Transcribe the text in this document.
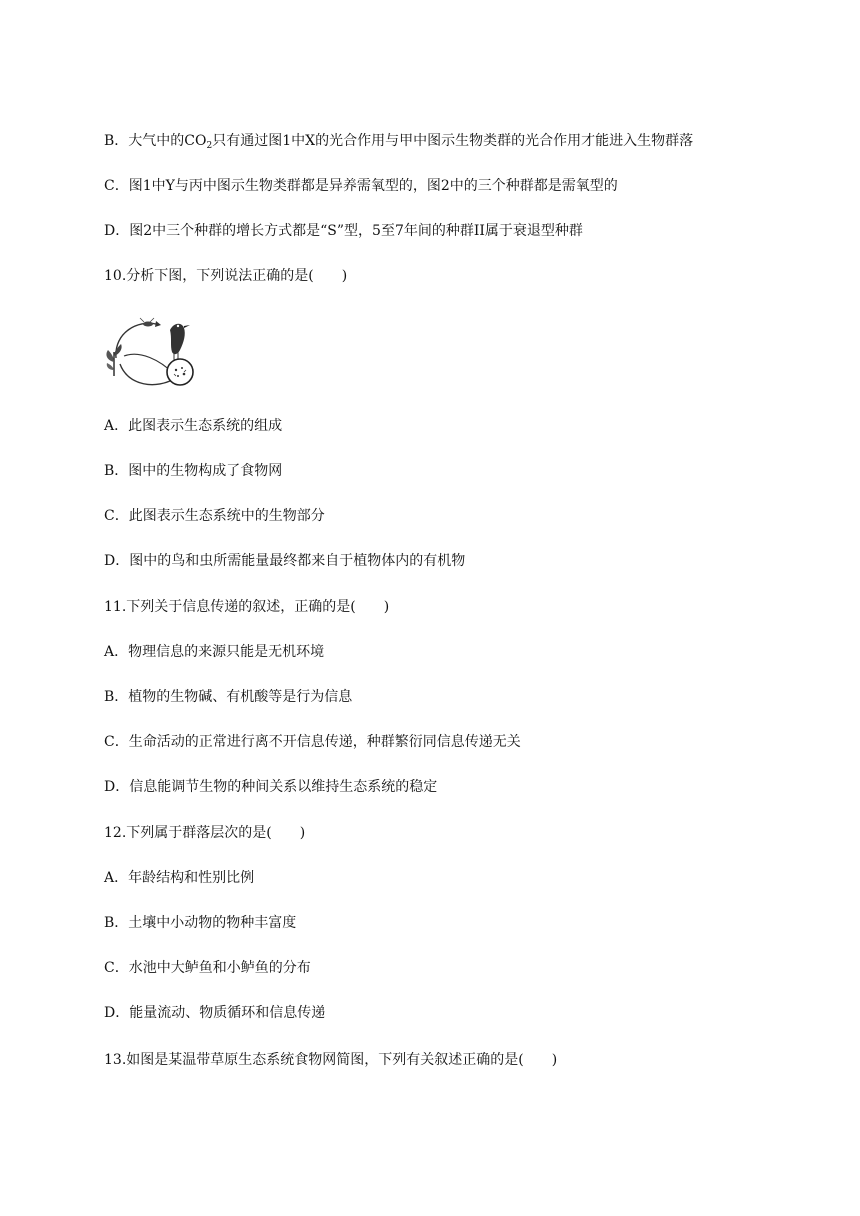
B．大气中的$CO_2$只有通过图1中X的光合作用与甲中图示生物类群的光合作用才能进入生物群落
C．图1中Y与丙中图示生物类群都是异养需氧型的，图2中的三个种群都是需氧型的
D．图2中三个种群的增长方式都是“S”型，5至7年间的种群II属于衰退型种群
10.分析下图，下列说法正确的是(　　)
A．此图表示生态系统的组成
B．图中的生物构成了食物网
C．此图表示生态系统中的生物部分
D．图中的鸟和虫所需能量最终都来自于植物体内的有机物
11.下列关于信息传递的叙述，正确的是(　　)
A．物理信息的来源只能是无机环境
B．植物的生物碱、有机酸等是行为信息
C．生命活动的正常进行离不开信息传递，种群繁衍同信息传递无关
D．信息能调节生物的种间关系以维持生态系统的稳定
12.下列属于群落层次的是(　　)
A．年龄结构和性别比例
B．土壤中小动物的物种丰富度
C．水池中大鲈鱼和小鲈鱼的分布
D．能量流动、物质循环和信息传递
13.如图是某温带草原生态系统食物网简图，下列有关叙述正确的是(　　)
